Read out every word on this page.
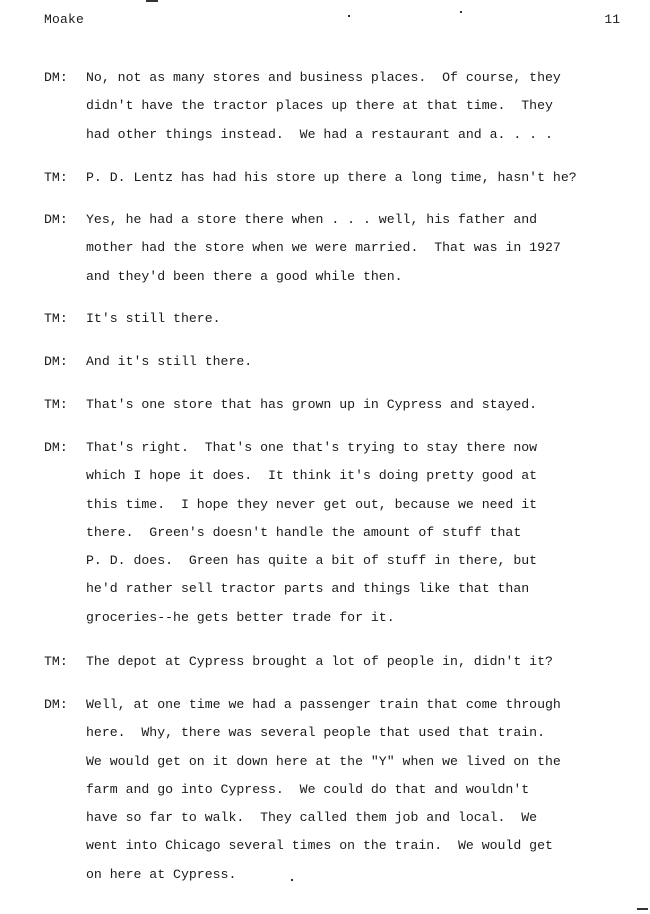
Moake	11
DM:	No, not as many stores and business places.  Of course, they
didn't have the tractor places up there at that time.  They
had other things instead.  We had a restaurant and a. . . .
TM:	P. D. Lentz has had his store up there a long time, hasn't he?
DM:	Yes, he had a store there when . . . well, his father and
mother had the store when we were married.  That was in 1927
and they'd been there a good while then.
TM:	It's still there.
DM:	And it's still there.
TM:	That's one store that has grown up in Cypress and stayed.
DM:	That's right.  That's one that's trying to stay there now
which I hope it does.  It think it's doing pretty good at
this time.  I hope they never get out, because we need it
there.  Green's doesn't handle the amount of stuff that
P. D. does.  Green has quite a bit of stuff in there, but
he'd rather sell tractor parts and things like that than
groceries--he gets better trade for it.
TM:	The depot at Cypress brought a lot of people in, didn't it?
DM:	Well, at one time we had a passenger train that come through
here.  Why, there was several people that used that train.
We would get on it down here at the "Y" when we lived on the
farm and go into Cypress.  We could do that and wouldn't
have so far to walk.  They called them job and local.  We
went into Chicago several times on the train.  We would get
on here at Cypress.
